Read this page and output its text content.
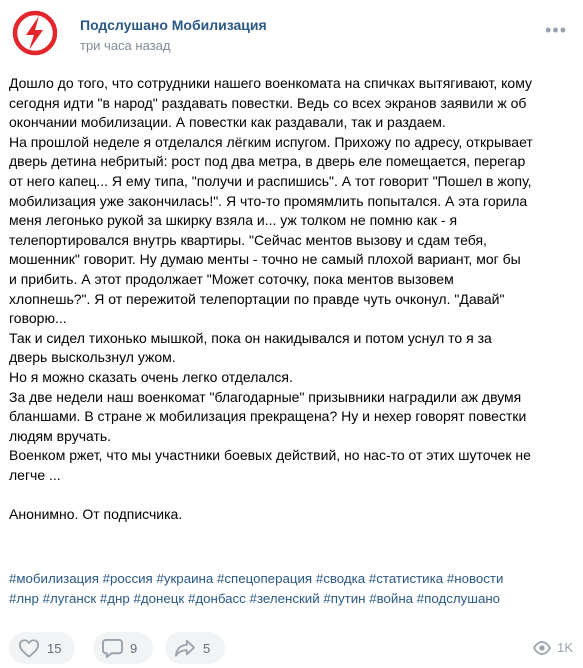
Подслушано Мобилизация
три часа назад
•••

Дошло до того, что сотрудники нашего военкомата на спичках вытягивают, кому

сегодня идти "в народ" раздавать повестки. Ведь со всех экранов заявили ж об

окончании мобилизации. А повестки как раздавали, так и раздаем.

На прошлой неделе я отделался лёгким испугом. Прихожу по адресу, открывает

дверь детина небритый: рост под два метра, в дверь еле помещается, перегар

от него капец... Я ему типа, "получи и распишись". А тот говорит "Пошел в жопу,

мобилизация уже закончилась!". Я что-то промямлить попытался. А эта горила

меня легонько рукой за шкирку взяла и... уж толком не помню как - я

телепортировался внутрь квартиры. "Сейчас ментов вызову и сдам тебя,

мошенник" говорит. Ну думаю менты - точно не самый плохой вариант, мог бы

и прибить. А этот продолжает "Может соточку, пока ментов вызовем

хлопнешь?". Я от пережитой телепортации по правде чуть очконул. "Давай"

говорю...

Так и сидел тихонько мышкой, пока он накидывался и потом уснул то я за

дверь выскользнул ужом.

Но я можно сказать очень легко отделался.

За две недели наш военкомат "благодарные" призывники наградили аж двумя

бланшами. В стране ж мобилизация прекращена? Ну и нехер говорят повестки

людям вручать.

Военком ржет, что мы участники боевых действий, но нас-то от этих шуточек не

легче ...

Анонимно. От подписчика.

#мобилизация #россия #украина #спецоперация #сводка #статистика #новости
#лнр #луганск #днр #донецк #донбасс #зеленский #путин #война #подслушано
15	9	5	1K
